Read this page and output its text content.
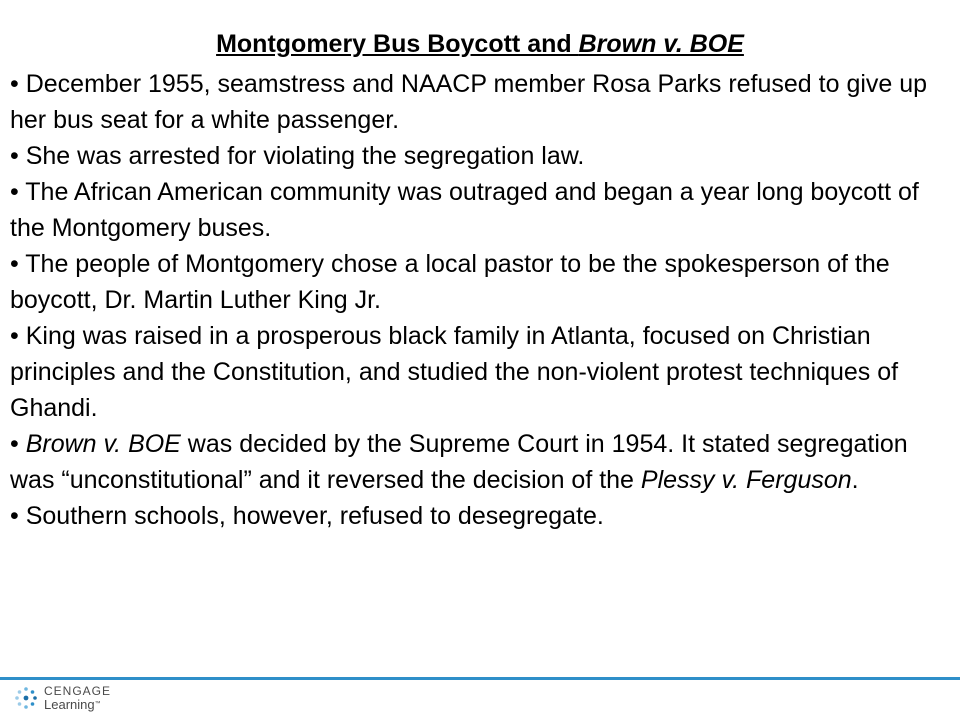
Montgomery Bus Boycott and Brown v. BOE
• December 1955, seamstress and NAACP member Rosa Parks refused to give up her bus seat for a white passenger.
• She was arrested for violating the segregation law.
• The African American community was outraged and began a year long boycott of the Montgomery buses.
• The people of Montgomery chose a local pastor to be the spokesperson of the boycott, Dr. Martin Luther King Jr.
• King was raised in a prosperous black family in Atlanta, focused on Christian principles and the Constitution, and studied the non-violent protest techniques of Ghandi.
• Brown v. BOE was decided by the Supreme Court in 1954. It stated segregation was “unconstitutional” and it reversed the decision of the Plessy v. Ferguson.
• Southern schools, however, refused to desegregate.
CENGAGE
Learning™
